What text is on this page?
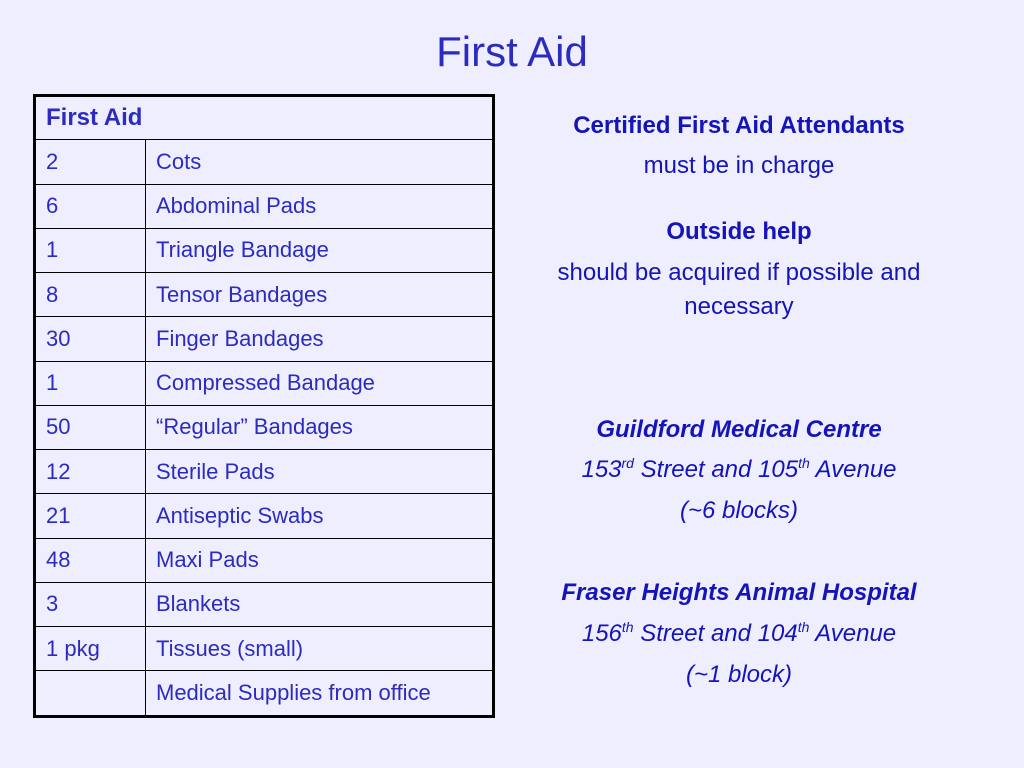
First Aid
First Aid	
2	Cots
6	Abdominal Pads
1	Triangle Bandage
8	Tensor Bandages
30	Finger Bandages
1	Compressed Bandage
50	“Regular” Bandages
12	Sterile Pads
21	Antiseptic Swabs
48	Maxi Pads
3	Blankets
1 pkg	Tissues (small)
	Medical Supplies from office
Certified First Aid Attendants
must be in charge
Outside help
should be acquired if possible and
necessary
Guildford Medical Centre
153rd Street and 105th Avenue
(~6 blocks)
Fraser Heights Animal Hospital
156th Street and 104th Avenue
(~1 block)
